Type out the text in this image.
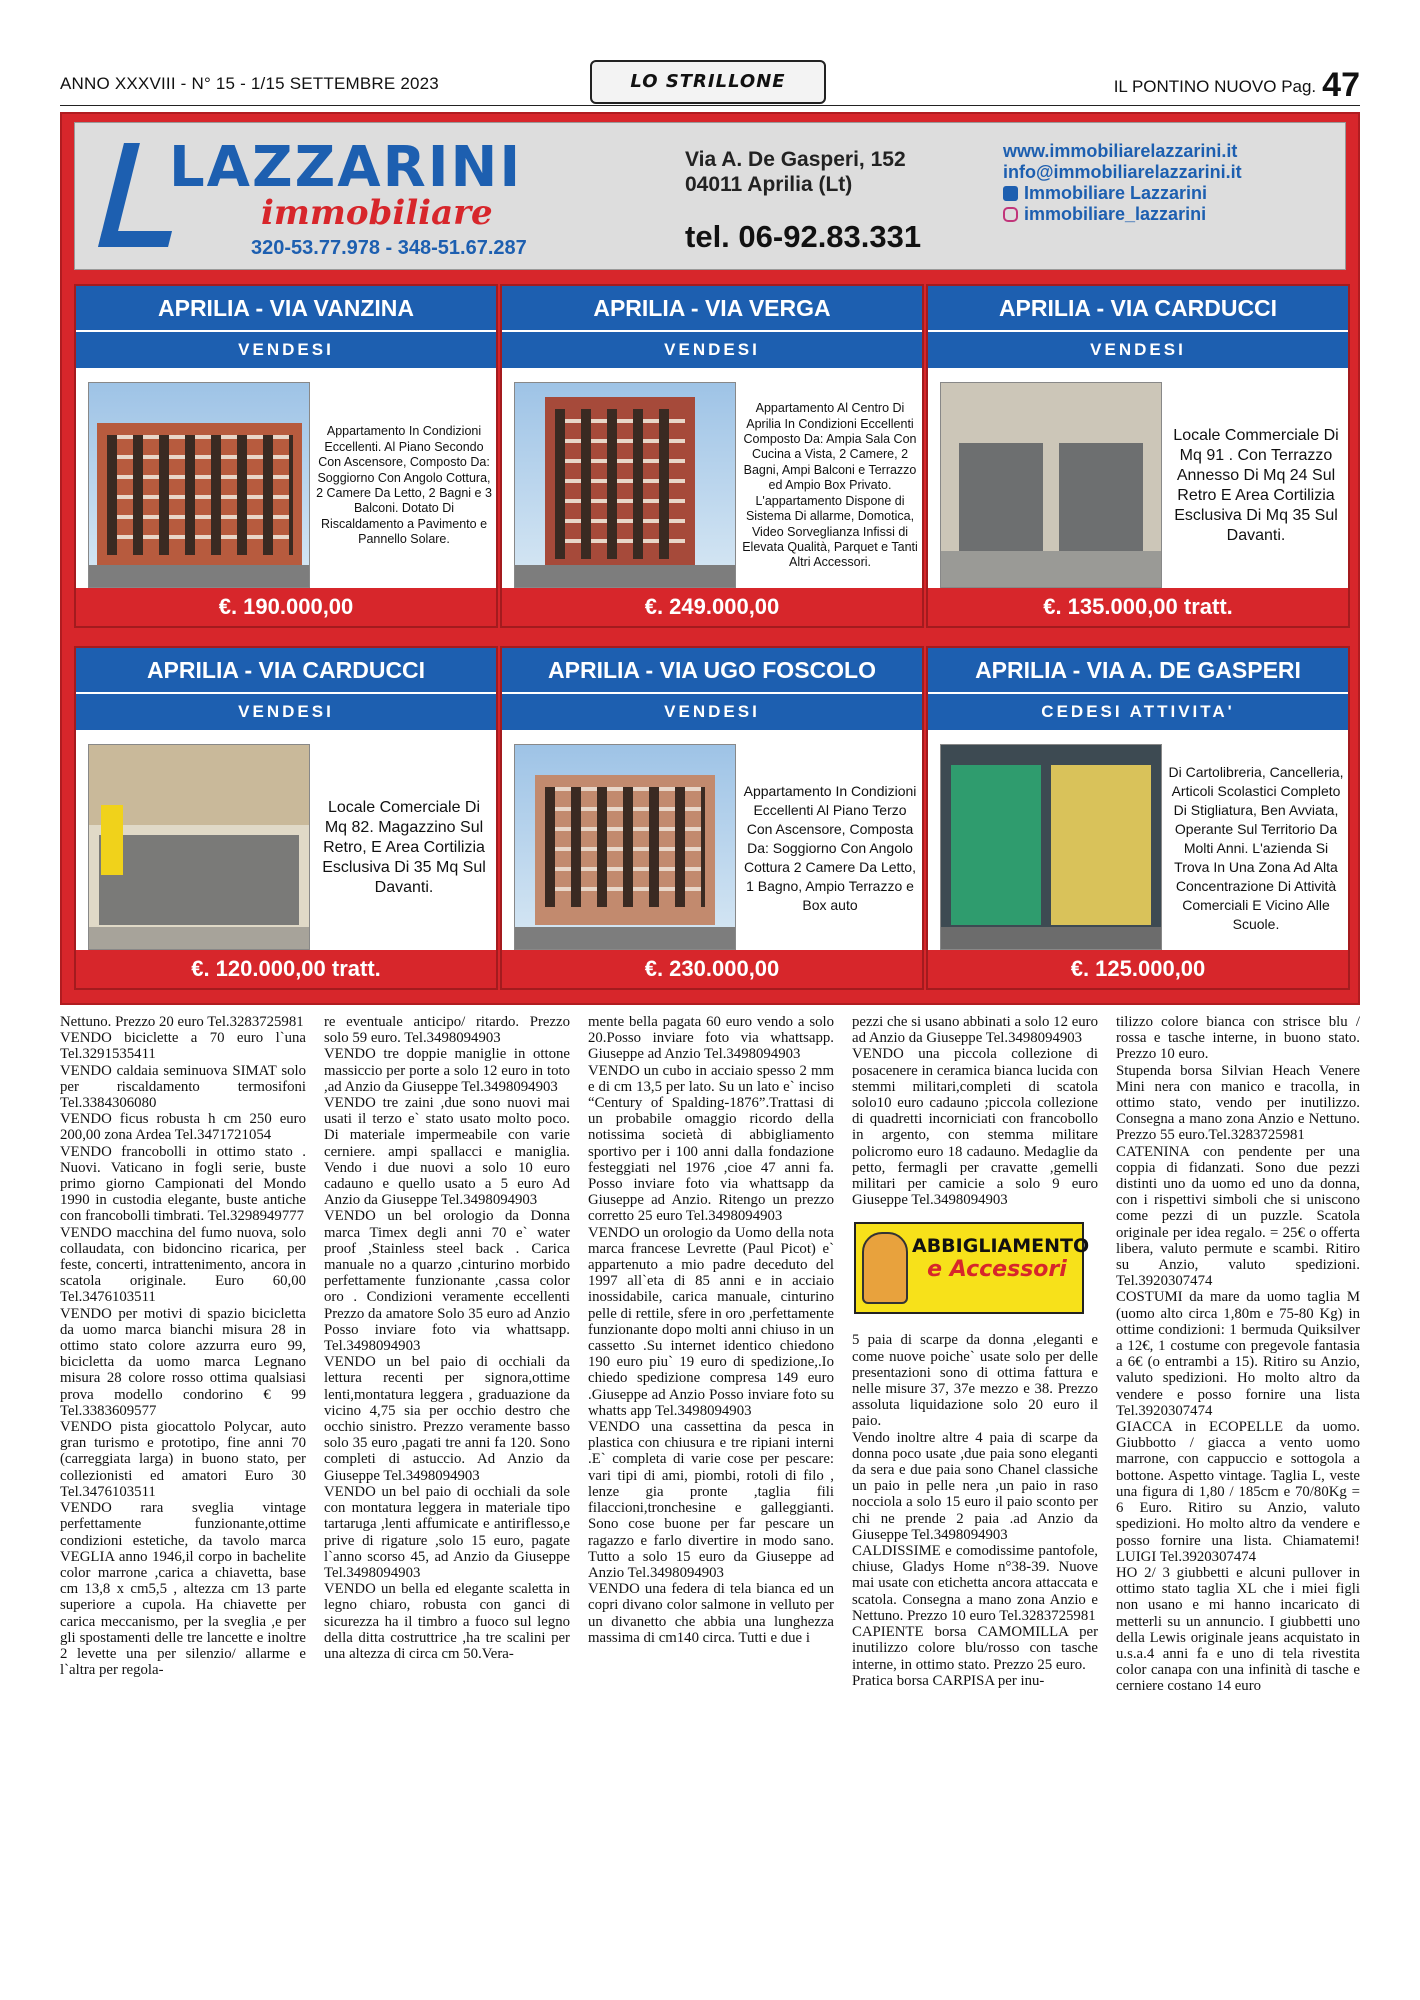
ANNO XXXVIII - N° 15 - 1/15 SETTEMBRE 2023	LO STRILLONE	IL PONTINO NUOVO Pag. 47
LAZZARINI
immobiliare
320-53.77.978 - 348-51.67.287
Via A. De Gasperi, 152
04011 Aprilia (Lt)
tel. 06-92.83.331
www.immobiliarelazzarini.it
info@immobiliarelazzarini.it
Immobiliare Lazzarini
immobiliare_lazzarini
APRILIA - VIA VANZINA
VENDESI
Appartamento In Condizioni Eccellenti. Al Piano Secondo Con Ascensore, Composto Da: Soggiorno Con Angolo Cottura, 2 Camere Da Letto, 2 Bagni e 3 Balconi. Dotato Di Riscaldamento a Pavimento e Pannello Solare.
€. 190.000,00
APRILIA - VIA VERGA
VENDESI
Appartamento Al Centro Di Aprilia In Condizioni Eccellenti Composto Da: Ampia Sala Con Cucina a Vista, 2 Camere, 2 Bagni, Ampi Balconi e Terrazzo ed Ampio Box Privato. L'appartamento Dispone di Sistema Di allarme, Domotica, Video Sorveglianza Infissi di Elevata Qualità, Parquet e Tanti Altri Accessori.
€. 249.000,00
APRILIA - VIA CARDUCCI
VENDESI
Locale Commerciale Di Mq 91 . Con Terrazzo Annesso Di Mq 24 Sul Retro E Area Cortilizia Esclusiva Di Mq 35 Sul Davanti.
€. 135.000,00 tratt.
APRILIA - VIA CARDUCCI
VENDESI
Locale Comerciale Di Mq 82. Magazzino Sul Retro, E Area Cortilizia Esclusiva Di 35 Mq Sul Davanti.
€. 120.000,00 tratt.
APRILIA - VIA UGO FOSCOLO
VENDESI
Appartamento In Condizioni Eccellenti Al Piano Terzo Con Ascensore, Composta Da: Soggiorno Con Angolo Cottura 2 Camere Da Letto, 1 Bagno, Ampio Terrazzo e Box auto
€. 230.000,00
APRILIA - VIA A. DE GASPERI
CEDESI ATTIVITA'
Di Cartolibreria, Cancelleria, Articoli Scolastici Completo Di Stigliatura, Ben Avviata, Operante Sul Territorio Da Molti Anni. L'azienda Si Trova In Una Zona Ad Alta Concentrazione Di Attività Comerciali E Vicino Alle Scuole.
€. 125.000,00

Nettuno. Prezzo 20 euro Tel.3283725981

VENDO biciclette a 70 euro l`una Tel.3291535411

VENDO caldaia seminuova SIMAT solo per riscaldamento termosifoni Tel.3384306080

VENDO ficus robusta h cm 250 euro 200,00 zona Ardea Tel.3471721054

VENDO francobolli in ottimo stato . Nuovi. Vaticano in fogli serie, buste primo giorno Campionati del Mondo 1990 in custodia elegante, buste antiche con francobolli timbrati. Tel.3298949777

VENDO macchina del fumo nuova, solo collaudata, con bidoncino ricarica, per feste, concerti, intrattenimento, ancora in scatola originale. Euro 60,00 Tel.3476103511

VENDO per motivi di spazio bicicletta da uomo marca bianchi misura 28 in ottimo stato colore azzurra euro 99, bicicletta da uomo marca Legnano misura 28 colore rosso ottima qualsiasi prova modello condorino € 99 Tel.3383609577

VENDO pista giocattolo Polycar, auto gran turismo e prototipo, fine anni 70 (carreggiata larga) in buono stato, per collezionisti ed amatori Euro 30 Tel.3476103511

VENDO rara sveglia vintage perfettamente funzionante,ottime condizioni estetiche, da tavolo marca VEGLIA anno 1946,il corpo in bachelite color marrone ,carica a chiavetta, base cm 13,8 x cm5,5 , altezza cm 13 parte superiore a cupola. Ha chiavette per carica meccanismo, per la sveglia ,e per gli spostamenti delle tre lancette e inoltre 2 levette una per silenzio/ allarme e l`altra per regola-

re eventuale anticipo/ ritardo. Prezzo solo 59 euro. Tel.3498094903

VENDO tre doppie maniglie in ottone massiccio per porte a solo 12 euro in toto ,ad Anzio da Giuseppe Tel.3498094903

VENDO tre zaini ,due sono nuovi mai usati il terzo e` stato usato molto poco. Di materiale impermeabile con varie cerniere. ampi spallacci e maniglia. Vendo i due nuovi a solo 10 euro cadauno e quello usato a 5 euro Ad Anzio da Giuseppe Tel.3498094903

VENDO un bel orologio da Donna marca Timex degli anni 70 e` water proof ,Stainless steel back . Carica manuale no a quarzo ,cinturino morbido perfettamente funzionante ,cassa color oro . Condizioni veramente eccellenti Prezzo da amatore Solo 35 euro ad Anzio Posso inviare foto via whattsapp. Tel.3498094903

VENDO un bel paio di occhiali da lettura recenti per signora,ottime lenti,montatura leggera , graduazione da vicino 4,75 sia per occhio destro che occhio sinistro. Prezzo veramente basso solo 35 euro ,pagati tre anni fa 120. Sono completi di astuccio. Ad Anzio da Giuseppe Tel.3498094903

VENDO un bel paio di occhiali da sole con montatura leggera in materiale tipo tartaruga ,lenti affumicate e antiriflesso,e prive di rigature ,solo 15 euro, pagate l`anno scorso 45, ad Anzio da Giuseppe Tel.3498094903

VENDO un bella ed elegante scaletta in legno chiaro, robusta con ganci di sicurezza ha il timbro a fuoco sul legno della ditta costruttrice ,ha tre scalini per una altezza di circa cm 50.Vera-

mente bella pagata 60 euro vendo a solo 20.Posso inviare foto via whattsapp. Giuseppe ad Anzio Tel.3498094903

VENDO un cubo in acciaio spesso 2 mm e di cm 13,5 per lato. Su un lato e` inciso “Century of Spalding-1876”.Trattasi di un probabile omaggio ricordo della notissima società di abbigliamento sportivo per i 100 anni dalla fondazione festeggiati nel 1976 ,cioe 47 anni fa. Posso inviare foto via whattsapp da Giuseppe ad Anzio. Ritengo un prezzo corretto 25 euro Tel.3498094903

VENDO un orologio da Uomo della nota marca francese Levrette (Paul Picot) e` appartenuto a mio padre deceduto del 1997 all`eta di 85 anni e in acciaio inossidabile, carica manuale, cinturino pelle di rettile, sfere in oro ,perfettamente funzionante dopo molti anni chiuso in un cassetto .Su internet identico chiedono 190 euro piu` 19 euro di spedizione,.Io chiedo spedizione compresa 149 euro .Giuseppe ad Anzio Posso inviare foto su whatts app Tel.3498094903

VENDO una cassettina da pesca in plastica con chiusura e tre ripiani interni .E` completa di varie cose per pescare: vari tipi di ami, piombi, rotoli di filo , lenze gia pronte ,taglia fili filaccioni,tronchesine e galleggianti. Sono cose buone per far pescare un ragazzo e farlo divertire in modo sano. Tutto a solo 15 euro da Giuseppe ad Anzio Tel.3498094903

VENDO una federa di tela bianca ed un copri divano color salmone in velluto per un divanetto che abbia una lunghezza massima di cm140 circa. Tutti e due i

pezzi che si usano abbinati a solo 12 euro ad Anzio da Giuseppe Tel.3498094903

VENDO una piccola collezione di posacenere in ceramica bianca lucida con stemmi militari,completi di scatola solo10 euro cadauno ;piccola collezione di quadretti incorniciati con francobollo in argento, con stemma militare policromo euro 18 cadauno. Medaglie da petto, fermagli per cravatte ,gemelli militari per camicie a solo 9 euro Giuseppe Tel.3498094903

ABBIGLIAMENTO
e Accessori

5 paia di scarpe da donna ,eleganti e come nuove poiche` usate solo per delle presentazioni sono di ottima fattura e nelle misure 37, 37e mezzo e 38. Prezzo assoluta liquidazione solo 20 euro il paio.

Vendo inoltre altre 4 paia di scarpe da donna poco usate ,due paia sono eleganti da sera e due paia sono Chanel classiche un paio in pelle nera ,un paio in raso nocciola a solo 15 euro il paio sconto per chi ne prende 2 paia .ad Anzio da Giuseppe Tel.3498094903

CALDISSIME e comodissime pantofole, chiuse, Gladys Home n°38-39. Nuove mai usate con etichetta ancora attaccata e scatola. Consegna a mano zona Anzio e Nettuno. Prezzo 10 euro Tel.3283725981

CAPIENTE borsa CAMOMILLA per inutilizzo colore blu/rosso con tasche interne, in ottimo stato. Prezzo 25 euro.

Pratica borsa CARPISA per inu-

tilizzo colore bianca con strisce blu / rossa e tasche interne, in buono stato. Prezzo 10 euro.

Stupenda borsa Silvian Heach Venere Mini nera con manico e tracolla, in ottimo stato, vendo per inutilizzo. Consegna a mano zona Anzio e Nettuno. Prezzo 55 euro.Tel.3283725981

CATENINA con pendente per una coppia di fidanzati. Sono due pezzi distinti uno da uomo ed uno da donna, con i rispettivi simboli che si uniscono come pezzi di un puzzle. Scatola originale per idea regalo. = 25€ o offerta libera, valuto permute e scambi. Ritiro su Anzio, valuto spedizioni. Tel.3920307474

COSTUMI da mare da uomo taglia M (uomo alto circa 1,80m e 75-80 Kg) in ottime condizioni: 1 bermuda Quiksilver a 12€, 1 costume con pregevole fantasia a 6€ (o entrambi a 15). Ritiro su Anzio, valuto spedizioni. Ho molto altro da vendere e posso fornire una lista Tel.3920307474

GIACCA in ECOPELLE da uomo. Giubbotto / giacca a vento uomo marrone, con cappuccio e sottogola a bottone. Aspetto vintage. Taglia L, veste una figura di 1,80 / 185cm e 70/80Kg = 6 Euro. Ritiro su Anzio, valuto spedizioni. Ho molto altro da vendere e posso fornire una lista. Chiamatemi! LUIGI Tel.3920307474

HO 2/ 3 giubbetti e alcuni pullover in ottimo stato taglia XL che i miei figli non usano e mi hanno incaricato di metterli su un annuncio. I giubbetti uno della Lewis originale jeans acquistato in u.s.a.4 anni fa e uno di tela rivestita color canapa con una infinità di tasche e cerniere costano 14 euro
